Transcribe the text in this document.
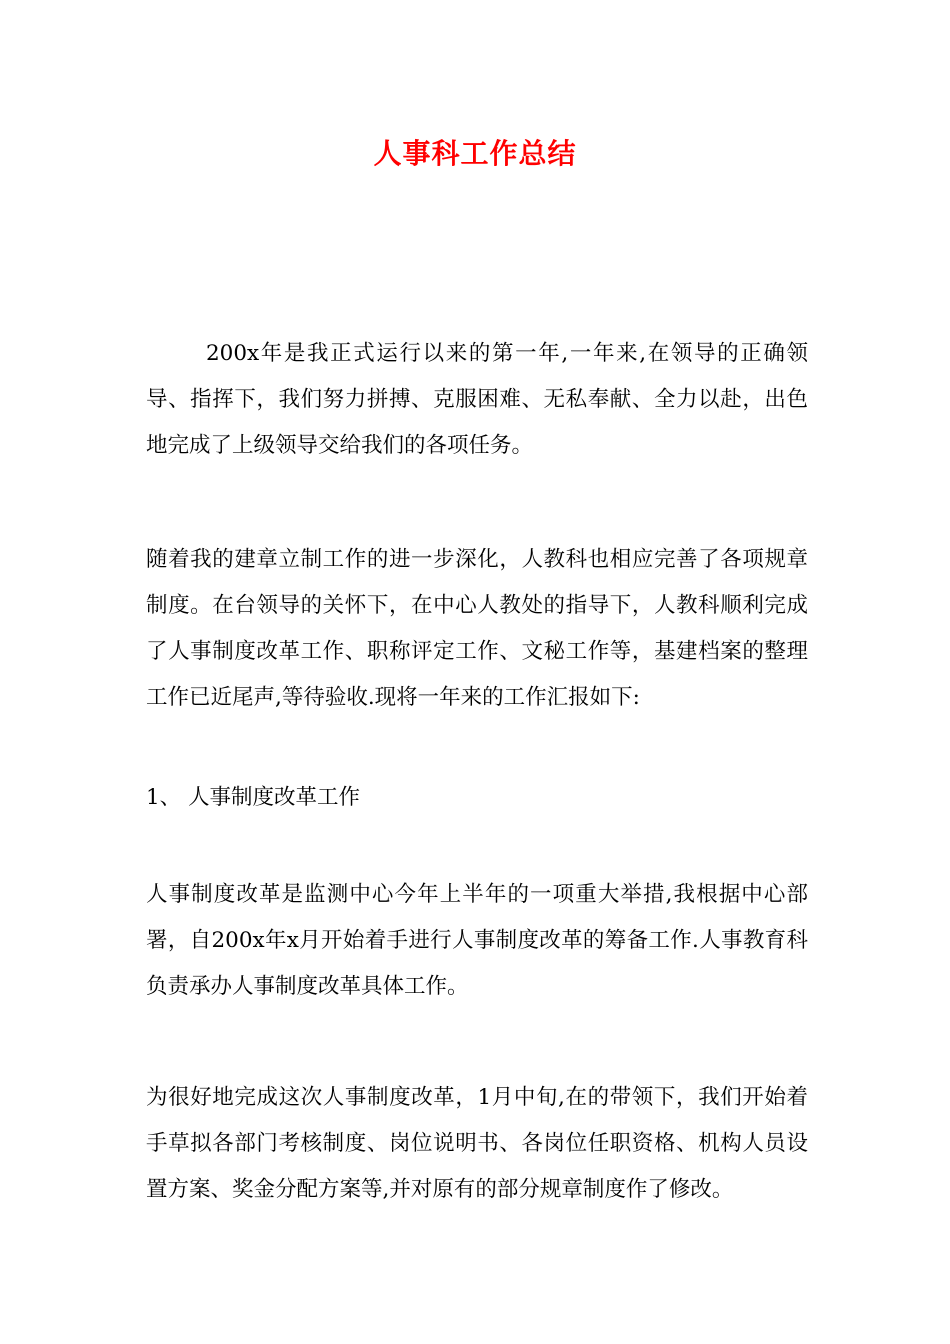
人事科工作总结

200x年是我正式运行以来的第一年,一年来,在领导的正确领导、指挥下，我们努力拼搏、克服困难、无私奉献、全力以赴，出色地完成了上级领导交给我们的各项任务。

随着我的建章立制工作的进一步深化，人教科也相应完善了各项规章制度。在台领导的关怀下，在中心人教处的指导下，人教科顺利完成了人事制度改革工作、职称评定工作、文秘工作等，基建档案的整理工作已近尾声,等待验收.现将一年来的工作汇报如下:

1、 人事制度改革工作

人事制度改革是监测中心今年上半年的一项重大举措,我根据中心部署，自200x年x月开始着手进行人事制度改革的筹备工作.人事教育科负责承办人事制度改革具体工作。

为很好地完成这次人事制度改革，1月中旬,在的带领下，我们开始着手草拟各部门考核制度、岗位说明书、各岗位任职资格、机构人员设置方案、奖金分配方案等,并对原有的部分规章制度作了修改。
